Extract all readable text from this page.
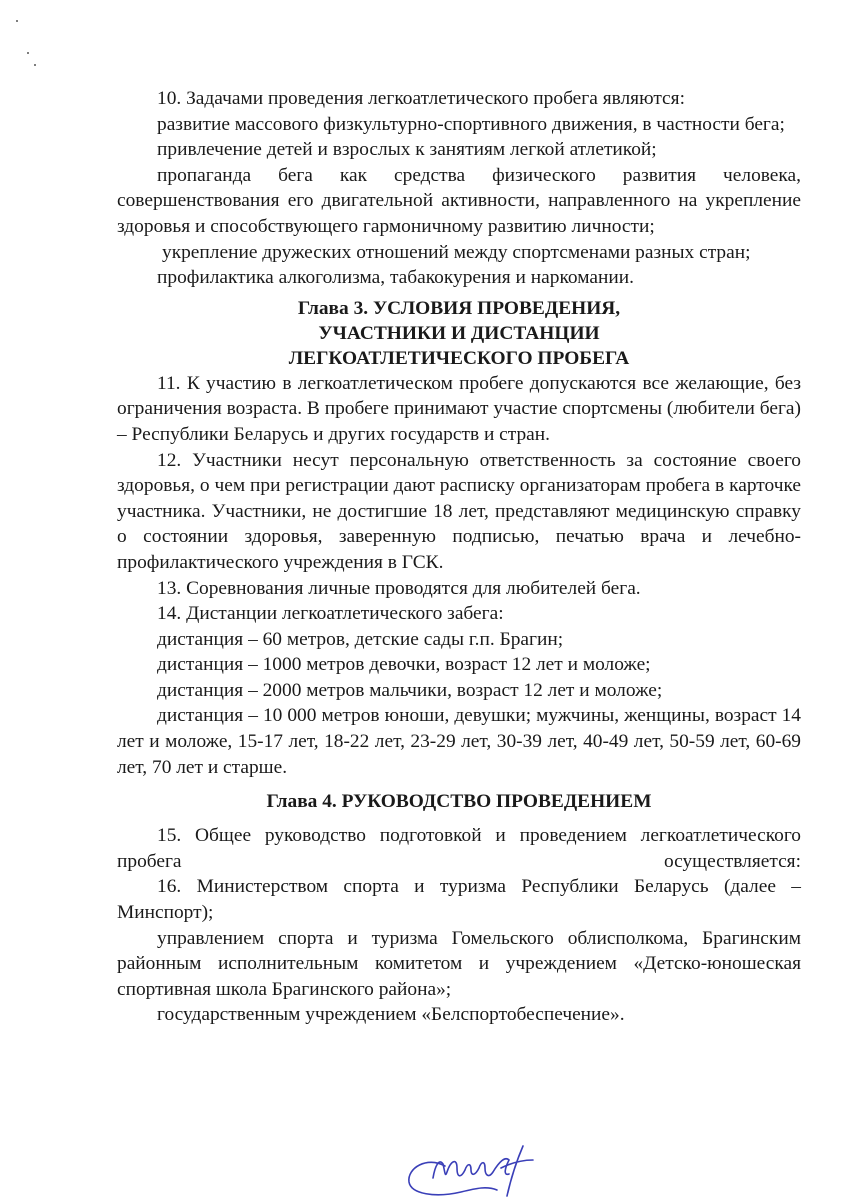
10. Задачами проведения легкоатлетического пробега являются:

развитие массового физкультурно-спортивного движения, в частности бега;

привлечение детей и взрослых к занятиям легкой атлетикой;

пропаганда бега как средства физического развития человека, совершенствования его двигательной активности, направленного на укрепление здоровья и способствующего гармоничному развитию личности;

укрепление дружеских отношений между спортсменами разных стран;

профилактика алкоголизма, табакокурения и наркомании.

Глава 3. УСЛОВИЯ ПРОВЕДЕНИЯ,
УЧАСТНИКИ И ДИСТАНЦИИ
ЛЕГКОАТЛЕТИЧЕСКОГО ПРОБЕГА

11. К участию в легкоатлетическом пробеге допускаются все желающие, без ограничения возраста. В пробеге принимают участие спортсмены (любители бега) – Республики Беларусь и других государств и стран.

12. Участники несут персональную ответственность за состояние своего здоровья, о чем при регистрации дают расписку организаторам пробега в карточке участника. Участники, не достигшие 18 лет, представляют медицинскую справку о состоянии здоровья, заверенную подписью, печатью врача и лечебно-профилактического учреждения в ГСК.

13. Соревнования личные проводятся для любителей бега.

14. Дистанции легкоатлетического забега:

дистанция – 60 метров, детские сады г.п. Брагин;

дистанция – 1000 метров девочки, возраст 12 лет и моложе;

дистанция – 2000 метров мальчики, возраст 12 лет и моложе;

дистанция – 10 000 метров юноши, девушки; мужчины, женщины, возраст 14 лет и моложе, 15-17 лет, 18-22 лет, 23-29 лет, 30-39 лет, 40-49 лет, 50-59 лет, 60-69 лет, 70 лет и старше.

Глава 4. РУКОВОДСТВО ПРОВЕДЕНИЕМ

15. Общее руководство подготовкой и проведением легкоатлетического пробега осуществляется:

16. Министерством спорта и туризма Республики Беларусь (далее – Минспорт);

управлением спорта и туризма Гомельского облисполкома, Брагинским районным исполнительным комитетом и учреждением «Детско-юношеская спортивная школа Брагинского района»;

государственным учреждением «Белспортобеспечение».
